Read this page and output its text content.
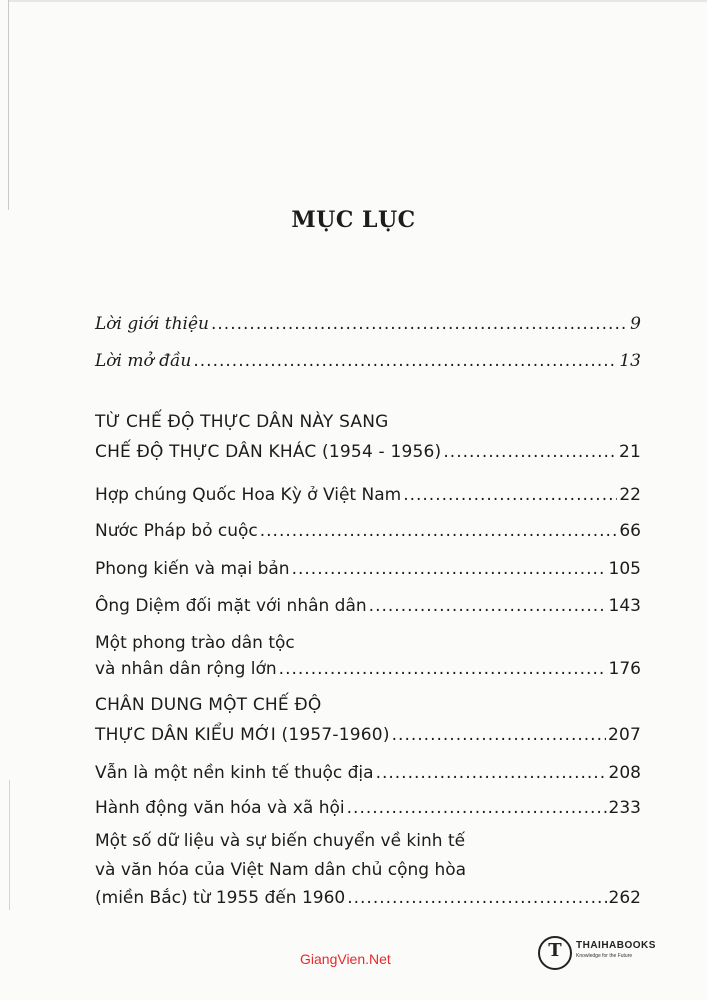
MỤC LỤC
Lời giới thiệu .....	9
Lời mở đầu .....	13
TỪ CHẾ ĐỘ THỰC DÂN NÀY SANG
CHẾ ĐỘ THỰC DÂN KHÁC (1954 - 1956) .....	21
Hợp chúng Quốc Hoa Kỳ ở Việt Nam .....	22
Nước Pháp bỏ cuộc .....	66
Phong kiến và mại bản .....	105
Ông Diệm đối mặt với nhân dân .....	143
Một phong trào dân tộc
và nhân dân rộng lớn .....	176
CHÂN DUNG MỘT CHẾ ĐỘ
THỰC DÂN KIỂU MỚI (1957-1960) .....	207
Vẫn là một nền kinh tế thuộc địa .....	208
Hành động văn hóa và xã hội .....	233
Một số dữ liệu và sự biến chuyển về kinh tế
và văn hóa của Việt Nam dân chủ cộng hòa
(miền Bắc) từ 1955 đến 1960 .....	262
GiangVien.Net	T	THAIHABOOKS
Knowledge for the Future
